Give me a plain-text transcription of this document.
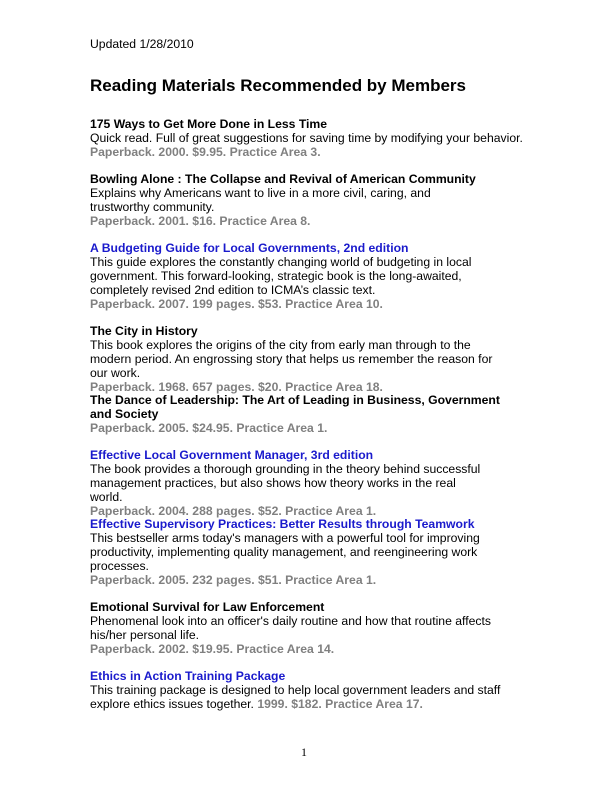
Updated 1/28/2010
Reading Materials Recommended by Members
175 Ways to Get More Done in Less Time
Quick read. Full of great suggestions for saving time by modifying your behavior.
Paperback. 2000. $9.95. Practice Area 3.
Bowling Alone : The Collapse and Revival of American Community
Explains why Americans want to live in a more civil, caring, and trustworthy community.
Paperback. 2001. $16. Practice Area 8.
A Budgeting Guide for Local Governments, 2nd edition
This guide explores the constantly changing world of budgeting in local government. This forward-looking, strategic book is the long-awaited, completely revised 2nd edition to ICMA’s classic text.
Paperback. 2007. 199 pages. $53. Practice Area 10.
The City in History
This book explores the origins of the city from early man through to the modern period. An engrossing story that helps us remember the reason for our work.
Paperback. 1968. 657 pages. $20. Practice Area 18.
The Dance of Leadership: The Art of Leading in Business, Government and Society
Paperback. 2005. $24.95. Practice Area 1.
Effective Local Government Manager, 3rd edition
The book provides a thorough grounding in the theory behind successful management practices, but also shows how theory works in the real world.
Paperback. 2004. 288 pages. $52. Practice Area 1.
Effective Supervisory Practices: Better Results through Teamwork
This bestseller arms today's managers with a powerful tool for improving productivity, implementing quality management, and reengineering work processes.
Paperback. 2005. 232 pages. $51. Practice Area 1.
Emotional Survival for Law Enforcement
Phenomenal look into an officer's daily routine and how that routine affects his/her personal life.
Paperback. 2002. $19.95. Practice Area 14.
Ethics in Action Training Package
This training package is designed to help local government leaders and staff explore ethics issues together. 1999. $182. Practice Area 17.
1
